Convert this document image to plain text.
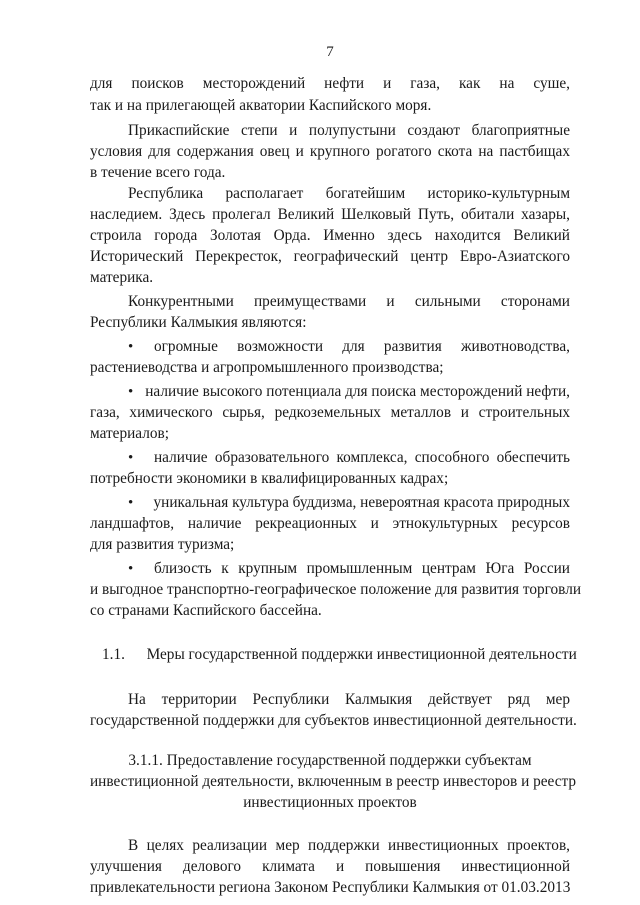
7
для поисков месторождений нефти и газа, как на суше,
так и на прилегающей акватории Каспийского моря.
Прикаспийские степи и полупустыни создают благоприятные
условия для содержания овец и крупного рогатого скота на пастбищах
в течение всего года.
Республика располагает богатейшим историко-культурным
наследием. Здесь пролегал Великий Шелковый Путь, обитали хазары,
строила города Золотая Орда. Именно здесь находится Великий
Исторический Перекресток, географический центр Евро-Азиатского
материка.
Конкурентными преимуществами и сильными сторонами
Республики Калмыкия являются:
•	огромные возможности для развития животноводства,
растениеводства и агропромышленного производства;
• наличие высокого потенциала для поиска месторождений нефти,
газа, химического сырья, редкоземельных металлов и строительных
материалов;
•	наличие образовательного комплекса, способного обеспечить
потребности экономики в квалифицированных кадрах;
•	уникальная культура буддизма, невероятная красота природных
ландшафтов, наличие рекреационных и этнокультурных ресурсов
для развития туризма;
•	близость к крупным промышленным центрам Юга России
и выгодное транспортно-географическое положение для развития торговли
со странами Каспийского бассейна.
1.1. Меры государственной поддержки инвестиционной деятельности
На территории Республики Калмыкия действует ряд мер
государственной поддержки для субъектов инвестиционной деятельности.
3.1.1. Предоставление государственной поддержки субъектам
инвестиционной деятельности, включенным в реестр инвесторов и реестр
инвестиционных проектов
В целях реализации мер поддержки инвестиционных проектов,
улучшения делового климата и повышения инвестиционной
привлекательности региона Законом Республики Калмыкия от 01.03.2013
